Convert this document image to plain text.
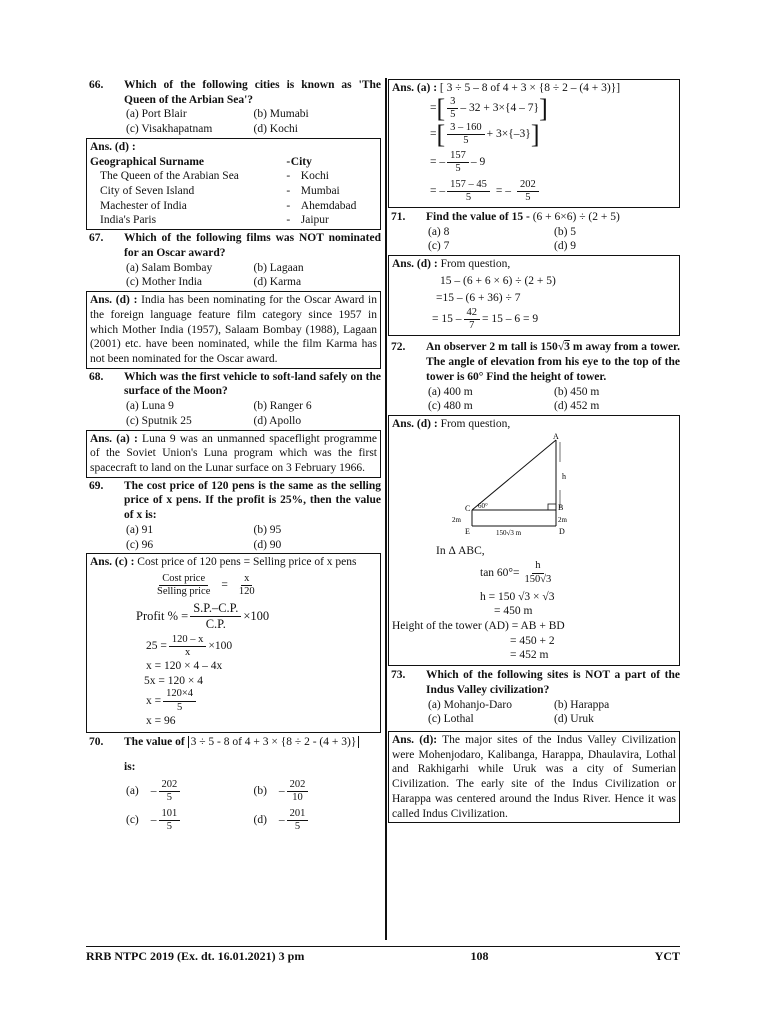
66. Which of the following cities is known as 'The Queen of the Arbian Sea'?
(a) Port Blair	(b) Mumabi
(c) Visakhapatnam	(d) Kochi
Ans. (d) :
Geographical Surname	-	City
The Queen of the Arabian Sea	-	Kochi
City of Seven Island	-	Mumbai
Machester of India	-	Ahemdabad
India's Paris	-	Jaipur
67. Which of the following films was NOT nominated for an Oscar award?
(a) Salam Bombay	(b) Lagaan
(c) Mother India	(d) Karma
Ans. (d) : India has been nominating for the Oscar Award in the foreign language feature film category since 1957 in which Mother India (1957), Salaam Bombay (1988), Lagaan (2001) etc. have been nominated, while the film Karma has not been nominated for the Oscar award.
68. Which was the first vehicle to soft-land safely on the surface of the Moon?
(a) Luna 9	(b) Ranger 6
(c) Sputnik 25	(d) Apollo
Ans. (a) : Luna 9 was an unmanned spaceflight programme of the Soviet Union's Luna program which was the first spacecraft to land on the Lunar surface on 3 February 1966.
69. The cost price of 120 pens is the same as the selling price of x pens. If the profit is 25%, then the value of x is:
(a) 91	(b) 95
(c) 96	(d) 90
Ans. (c) : Cost price of 120 pens = Selling price of x pens
$\frac{\text{Cost price}}{\text{Selling price}} = \frac{x}{120}$
Profit % = $\frac{S.P.-C.P.}{C.P.} \times 100$
$25 = \frac{120 - x}{x} \times 100$
x = 120 × 4 – 4x
5x = 120 × 4
$x = \frac{120\times 4}{5}$
x = 96
70. The value of 3 ÷ 5 - 8 of 4 + 3 × {8 ÷ 2 - (4 + 3)}
is:
$(a) - \frac{202}{5}$	$(b) - \frac{202}{10}$
$(c) - \frac{101}{5}$	$(d) - \frac{201}{5}$
Ans. (a) : [ 3 ÷ 5 – 8 of 4 + 3 × {8 ÷ 2 – (4 + 3)}]
= [ $\frac{3}{5} - 32 + 3\times\{4 - 7\}$ ]
= [ $\frac{3 - 160}{5} + 3\times\{-3\}$ ]
= – $\frac{157}{5} - 9$
= – $\frac{157 - 45}{5}$ = – $\frac{202}{5}$
71. Find the value of 15 - (6 + 6×6) ÷ (2 + 5)
(a) 8	(b) 5
(c) 7	(d) 9
Ans. (d) : From question,
15 – (6 + 6 × 6) ÷ (2 + 5)
=15 – (6 + 36) ÷ 7
= $15 - \frac{42}{7} = 15 - 6 = 9$
72. An observer 2 m tall is 150√3 m away from a tower. The angle of elevation from his eye to the top of the tower is 60° Find the height of tower.
(a) 400 m	(b) 450 m
(c) 480 m	(d) 452 m
Ans. (d) : From question,
A
B
C
D
E
h
60°
2m	2m
150√3 m
In Δ ABC,
$\tan 60^\circ= \frac{h}{150√3}$
h = 150 √3 × √3
= 450 m
Height of the tower (AD) = AB + BD
= 450 + 2
= 452 m
73. Which of the following sites is NOT a part of the Indus Valley civilization?
(a) Mohanjo-Daro	(b) Harappa
(c) Lothal	(d) Uruk
Ans. (d): The major sites of the Indus Valley Civilization were Mohenjodaro, Kalibanga, Harappa, Dhaulavira, Lothal and Rakhigarhi while Uruk was a city of Sumerian Civilization. The early site of the Indus Civilization or Harappa was centered around the Indus River. Hence it was called Indus Civilization.
RRB NTPC 2019 (Ex. dt. 16.01.2021) 3 pm	108	YCT
